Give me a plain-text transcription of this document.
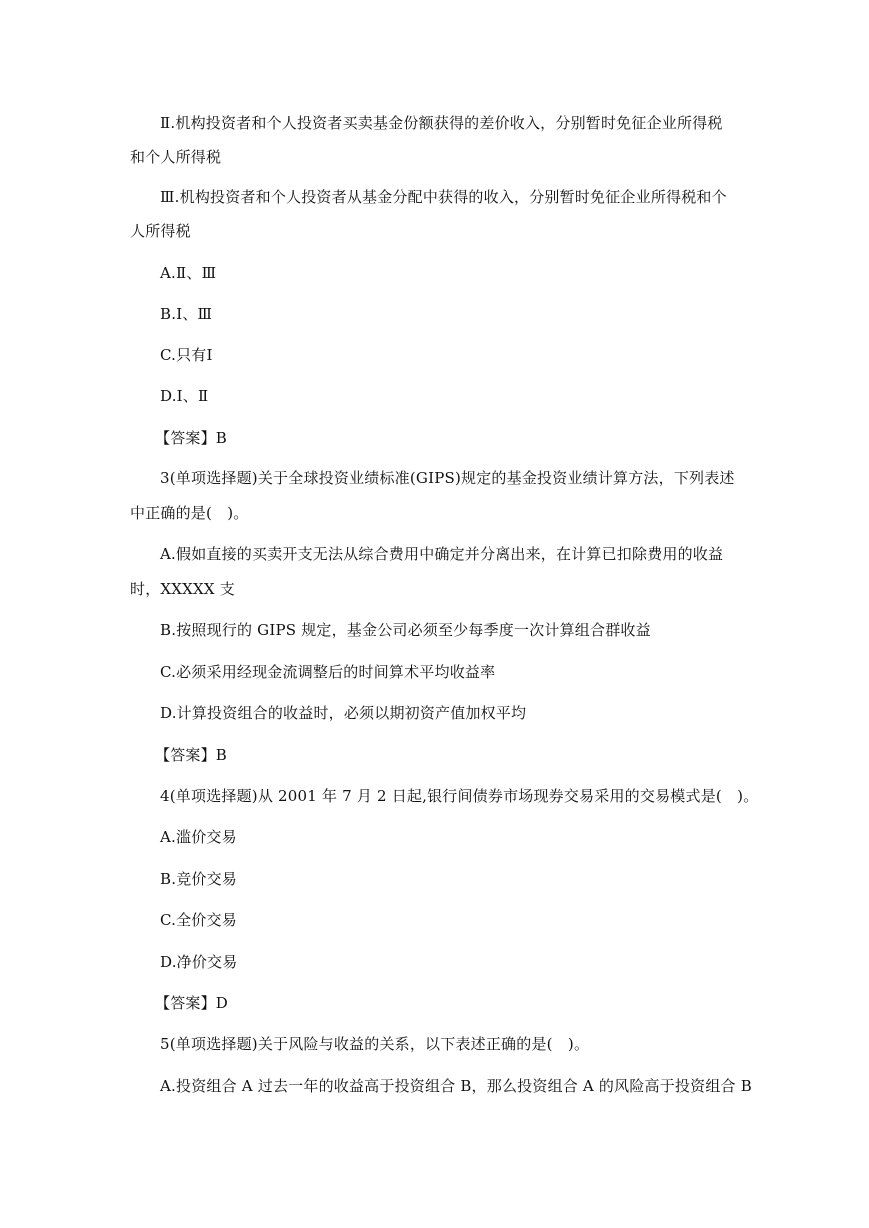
Ⅱ.机构投资者和个人投资者买卖基金份额获得的差价收入，分别暂时免征企业所得税
和个人所得税
Ⅲ.机构投资者和个人投资者从基金分配中获得的收入，分别暂时免征企业所得税和个
人所得税
A.Ⅱ、Ⅲ
B.Ⅰ、Ⅲ
C.只有Ⅰ
D.Ⅰ、Ⅱ
【答案】B
3(单项选择题)关于全球投资业绩标准(GIPS)规定的基金投资业绩计算方法，下列表述
中正确的是(　)。
A.假如直接的买卖开支无法从综合费用中确定并分离出来，在计算已扣除费用的收益
时，XXXXX 支
B.按照现行的 GIPS 规定，基金公司必须至少每季度一次计算组合群收益
C.必须采用经现金流调整后的时间算术平均收益率
D.计算投资组合的收益时，必须以期初资产值加权平均
【答案】B
4(单项选择题)从 2001 年 7 月 2 日起,银行间债券市场现券交易采用的交易模式是(　)。
A.滥价交易
B.竞价交易
C.全价交易
D.净价交易
【答案】D
5(单项选择题)关于风险与收益的关系，以下表述正确的是(　)。
A.投资组合 A 过去一年的收益高于投资组合 B，那么投资组合 A 的风险高于投资组合 B
